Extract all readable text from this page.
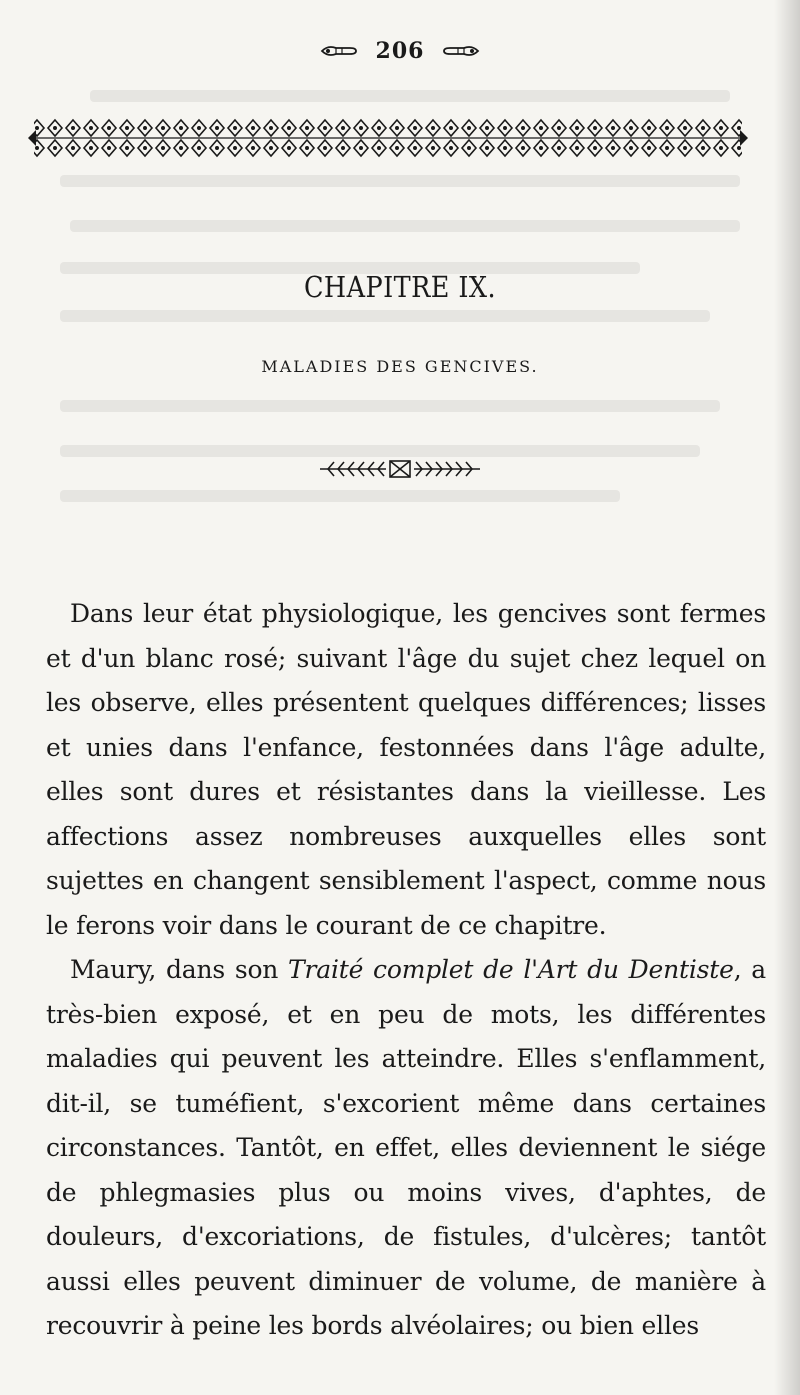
206
CHAPITRE IX.
MALADIES DES GENCIVES.

Dans leur état physiologique, les gencives sont fermes et d'un blanc rosé; suivant l'âge du sujet chez lequel on les observe, elles présentent quelques différences; lisses et unies dans l'enfance, festonnées dans l'âge adulte, elles sont dures et résistantes dans la vieillesse. Les affections assez nombreuses auxquelles elles sont sujettes en changent sensiblement l'aspect, comme nous le ferons voir dans le courant de ce chapitre.

Maury, dans son Traité complet de l'Art du Dentiste, a très-bien exposé, et en peu de mots, les différentes maladies qui peuvent les atteindre. Elles s'enflamment, dit-il, se tuméfient, s'excorient même dans certaines circonstances. Tantôt, en effet, elles deviennent le siége de phlegmasies plus ou moins vives, d'aphtes, de douleurs, d'excoriations, de fistules, d'ulcères; tantôt aussi elles peuvent diminuer de volume, de manière à recouvrir à peine les bords alvéolaires; ou bien elles
